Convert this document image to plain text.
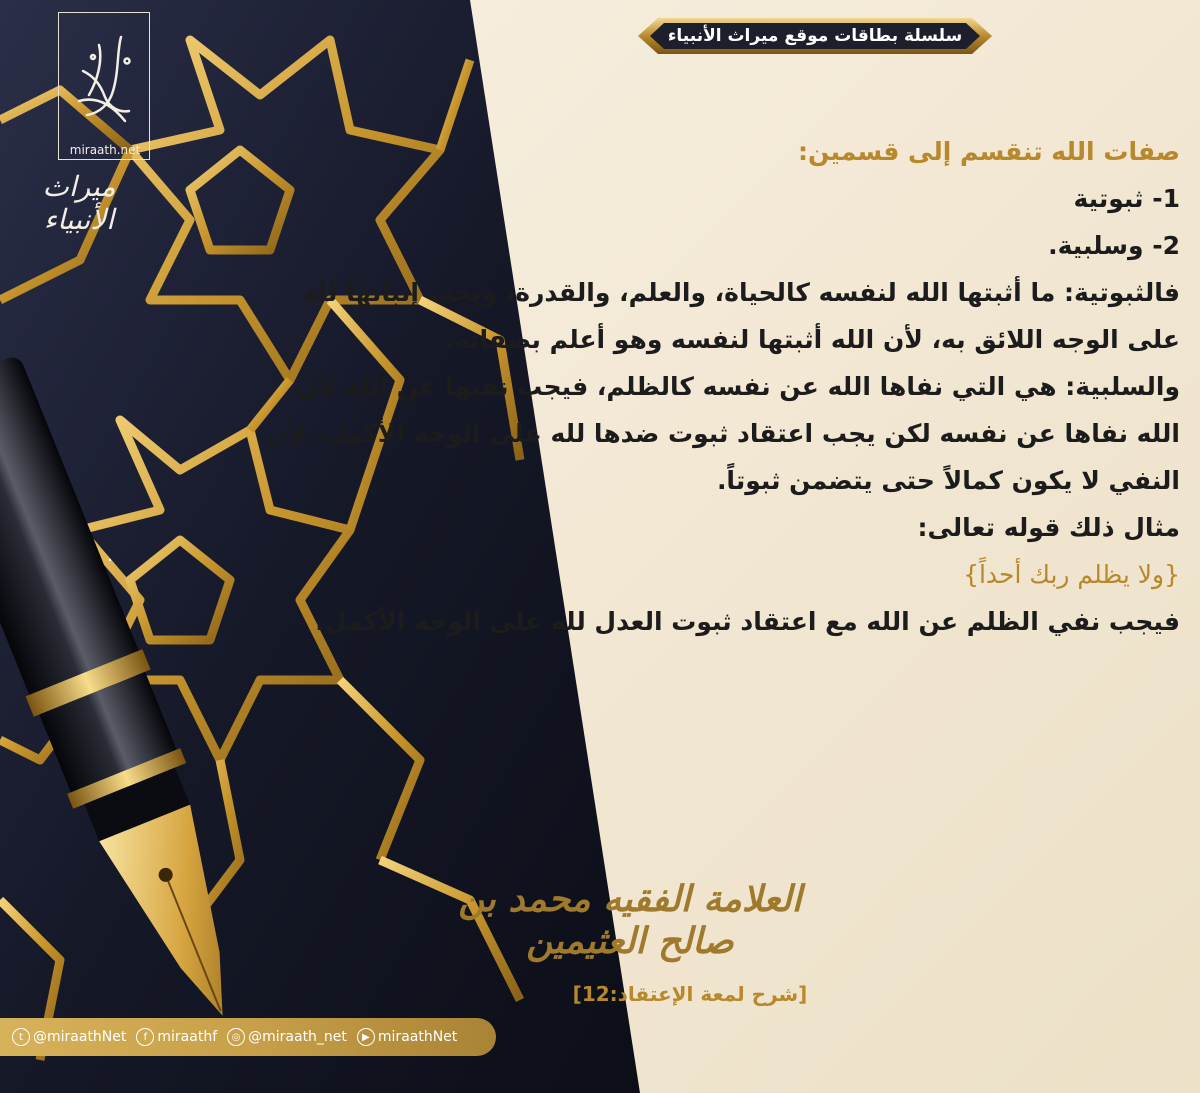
miraath.net
ميراث الأنبياء
سلسلة بطاقات موقع ميراث الأنبياء
صفات الله تنقسم إلى قسمين:
1- ثبوتية
2- وسلبية.
فالثبوتية: ما أثبتها الله لنفسه كالحياة، والعلم، والقدرة، ويجب إثباتها لله على الوجه اللائق به، لأن الله أثبتها لنفسه وهو أعلم بصفاته.
والسلبية: هي التي نفاها الله عن نفسه كالظلم، فيجب نفيها عن الله لأن الله نفاها عن نفسه لكن يجب اعتقاد ثبوت ضدها لله على الوجه الأكمل، لأن النفي لا يكون كمالاً حتى يتضمن ثبوتاً.
مثال ذلك قوله تعالى:
{ولا يظلم ربك أحداً}
فيجب نفي الظلم عن الله مع اعتقاد ثبوت العدل لله على الوجه الأكمل.
العلامة الفقيه محمد بن صالح العثيمين
[شرح لمعة الإعتقاد:12]
t @miraathNet	f miraathf	◎ @miraath_net	▶ miraathNet
